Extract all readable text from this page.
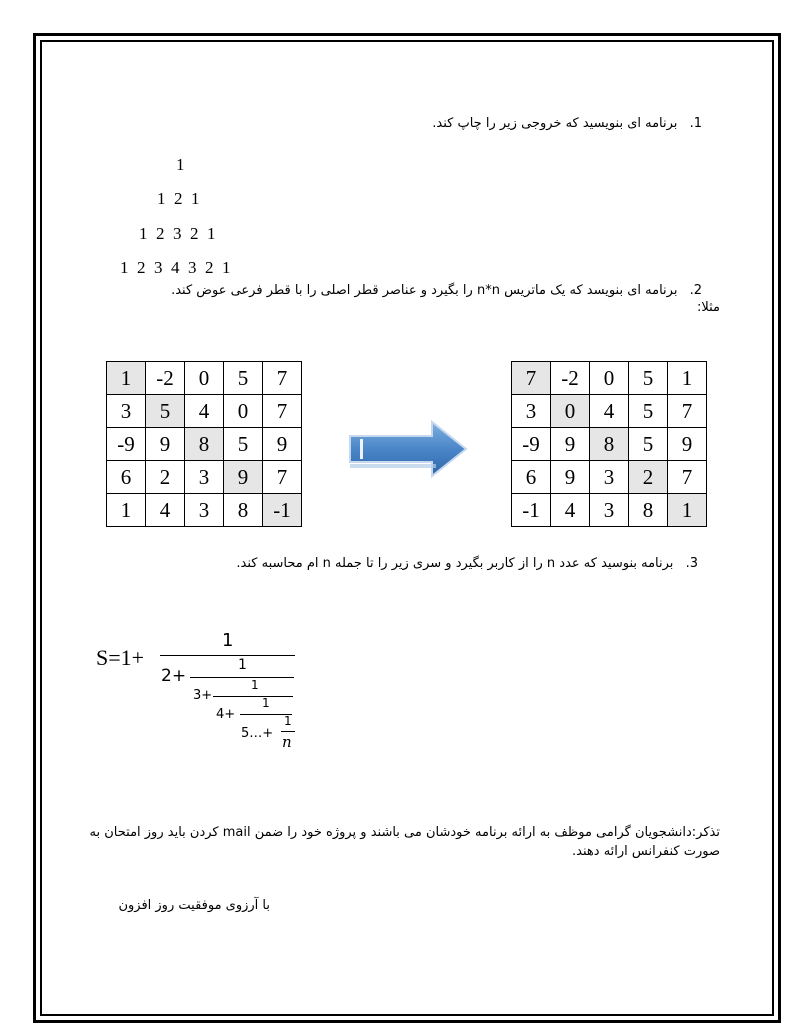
1. برنامه ای بنویسید که خروجی زیر را چاپ کند.
1
1  2  1
1  2  3  2  1
1  2  3  4  3  2  1
2. برنامه ای بنویسد که یک ماتریس n*n را بگیرد و عناصر قطر اصلی را با قطر فرعی عوض کند.
مثلا:
1	-2	0	5	7
3	5	4	0	7
-9	9	8	5	9
6	2	3	9	7
1	4	3	8	-1
7	-2	0	5	1
3	0	4	5	7
-9	9	8	5	9
6	9	3	2	7
-1	4	3	8	1
3. برنامه بنوسید که عدد n را از کاربر بگیرد و سری زیر را تا جمله n ام محاسبه کند.
S=1+
1
2+
1
3+
1
4+
1
5…+
1
n
تذکر:دانشجویان گرامی موظف به ارائه برنامه خودشان می باشند و پروژه خود را ضمن mail کردن باید روز امتحان به
صورت کنفرانس ارائه دهند.
با آرزوی موفقیت روز افزون
